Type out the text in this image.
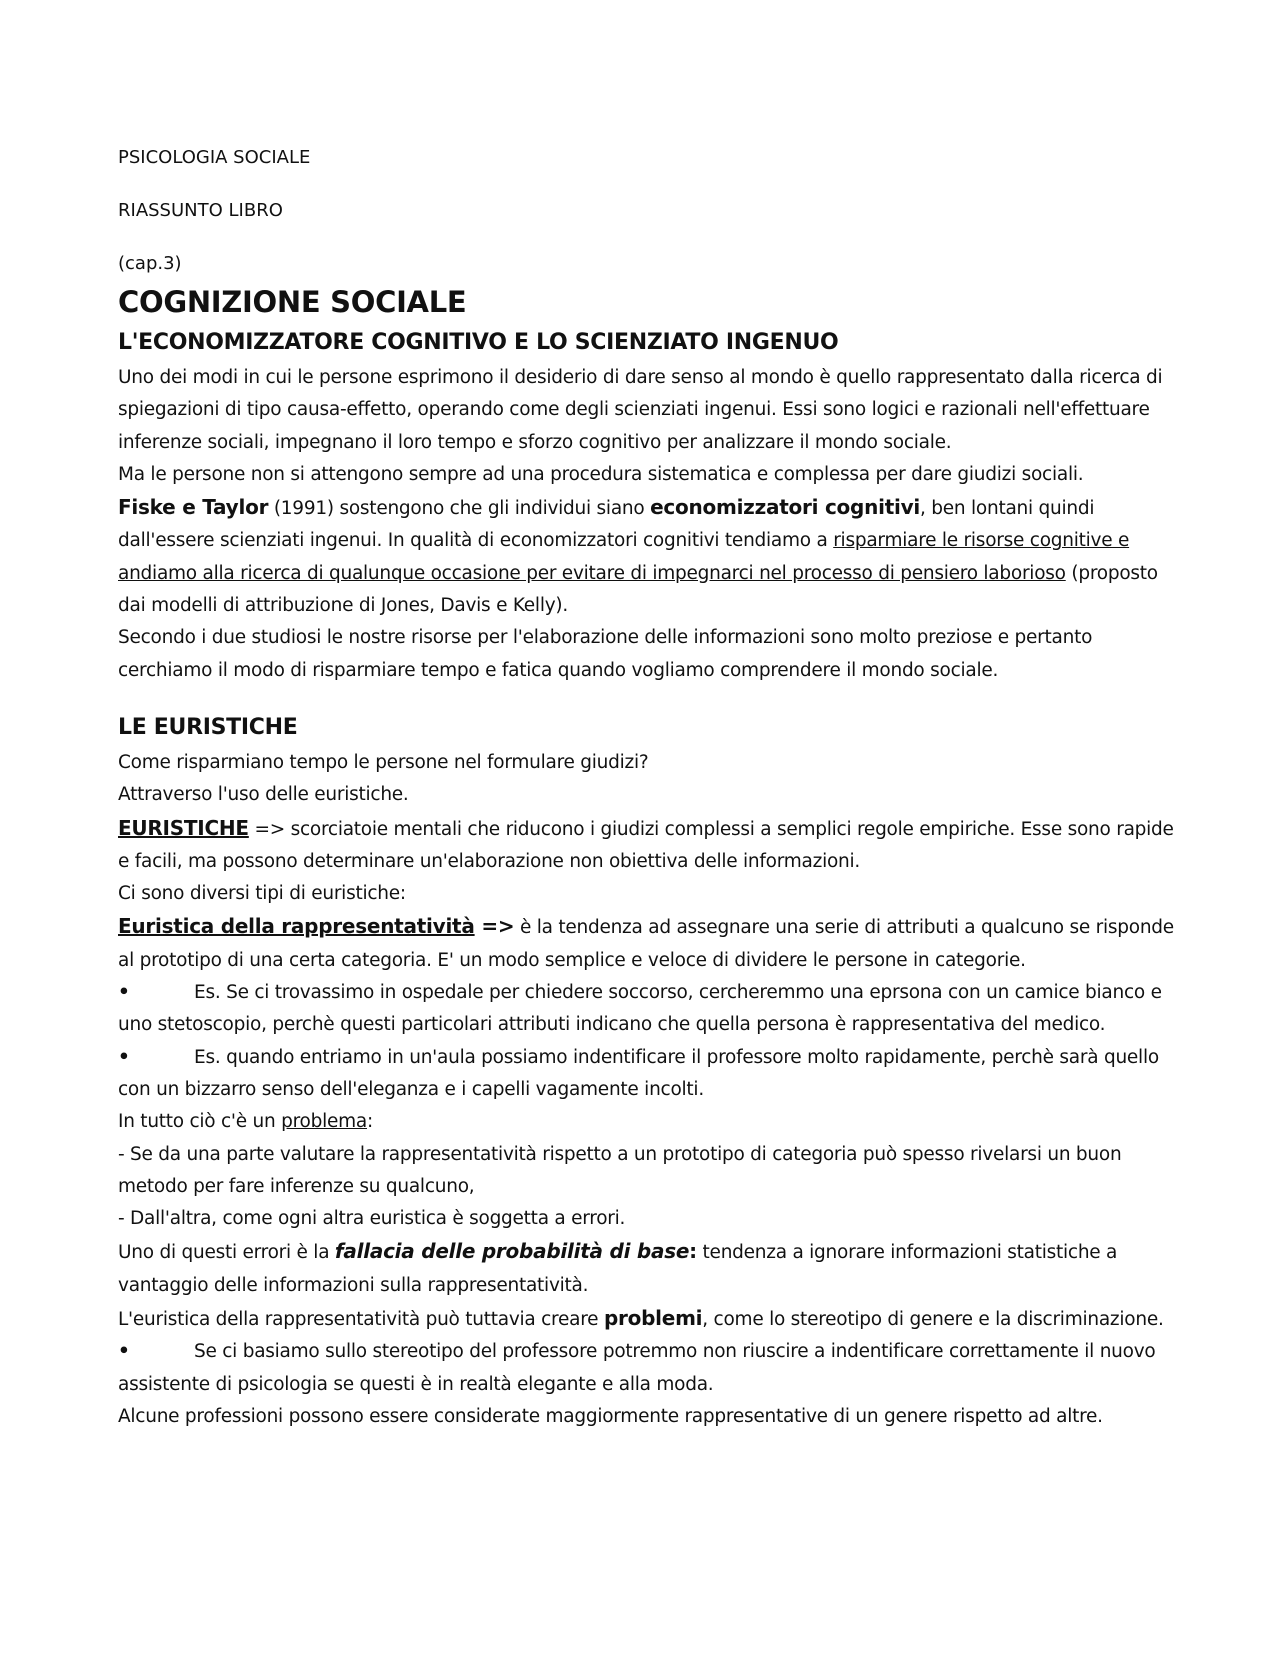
PSICOLOGIA SOCIALE
RIASSUNTO LIBRO
(cap.3)
COGNIZIONE SOCIALE
L'ECONOMIZZATORE COGNITIVO E LO SCIENZIATO INGENUO

Uno dei modi in cui le persone esprimono il desiderio di dare senso al mondo è quello rappresentato dalla ricerca di spiegazioni di tipo causa-effetto, operando come degli scienziati ingenui. Essi sono logici e razionali nell'effettuare inferenze sociali, impegnano il loro tempo e sforzo cognitivo per analizzare il mondo sociale.
Ma le persone non si attengono sempre ad una procedura sistematica e complessa per dare giudizi sociali.
Fiske e Taylor (1991) sostengono che gli individui siano economizzatori cognitivi, ben lontani quindi dall'essere scienziati ingenui. In qualità di economizzatori cognitivi tendiamo a risparmiare le risorse cognitive e andiamo alla ricerca di qualunque occasione per evitare di impegnarci nel processo di pensiero laborioso (proposto dai modelli di attribuzione di Jones, Davis e Kelly).
Secondo i due studiosi le nostre risorse per l'elaborazione delle informazioni sono molto preziose e pertanto cerchiamo il modo di risparmiare tempo e fatica quando vogliamo comprendere il mondo sociale.

LE EURISTICHE

Come risparmiano tempo le persone nel formulare giudizi?
Attraverso l'uso delle euristiche.
EURISTICHE => scorciatoie mentali che riducono i giudizi complessi a semplici regole empiriche. Esse sono rapide e facili, ma possono determinare un'elaborazione non obiettiva delle informazioni.
Ci sono diversi tipi di euristiche:
Euristica della rappresentatività => è la tendenza ad assegnare una serie di attributi a qualcuno se risponde al prototipo di una certa categoria. E' un modo semplice e veloce di dividere le persone in categorie.
•	Es. Se ci trovassimo in ospedale per chiedere soccorso, cercheremmo una eprsona con un camice bianco e uno stetoscopio, perchè questi particolari attributi indicano che quella persona è rappresentativa del medico.
•	Es. quando entriamo in un'aula possiamo indentificare il professore molto rapidamente, perchè sarà quello con un bizzarro senso dell'eleganza e i capelli vagamente incolti.
In tutto ciò c'è un problema:
- Se da una parte valutare la rappresentatività rispetto a un prototipo di categoria può spesso rivelarsi un buon metodo per fare inferenze su qualcuno,
- Dall'altra, come ogni altra euristica è soggetta a errori.
Uno di questi errori è la fallacia delle probabilità di base: tendenza a ignorare informazioni statistiche a vantaggio delle informazioni sulla rappresentatività.
L'euristica della rappresentatività può tuttavia creare problemi, come lo stereotipo di genere e la discriminazione.
•	Se ci basiamo sullo stereotipo del professore potremmo non riuscire a indentificare correttamente il nuovo assistente di psicologia se questi è in realtà elegante e alla moda.
Alcune professioni possono essere considerate maggiormente rappresentative di un genere rispetto ad altre.
